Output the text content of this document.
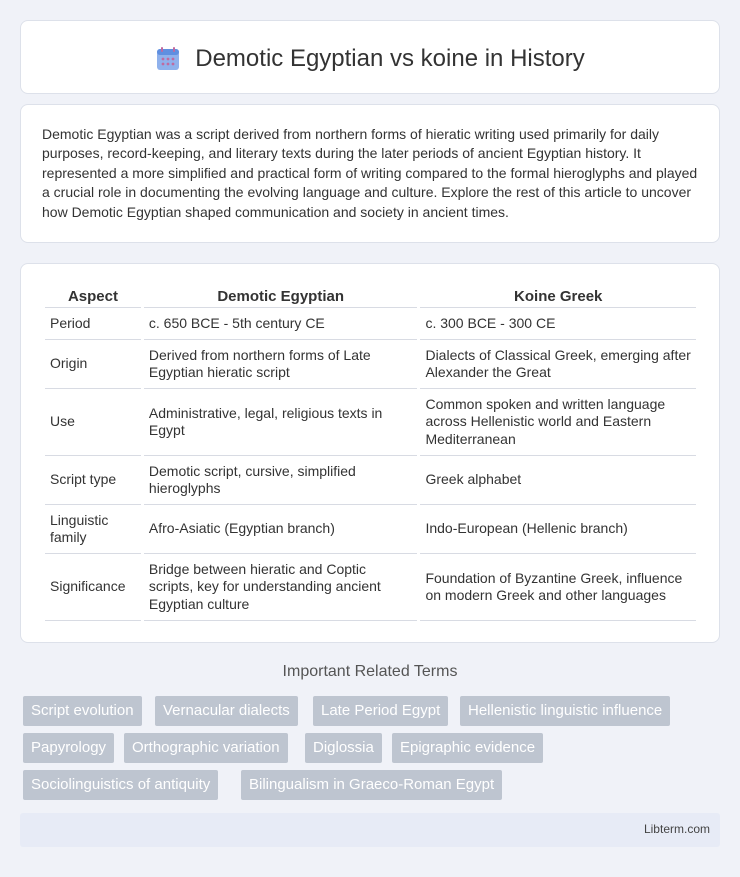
Demotic Egyptian vs koine in History

Demotic Egyptian was a script derived from northern forms of hieratic writing used primarily for daily purposes, record-keeping, and literary texts during the later periods of ancient Egyptian history. It represented a more simplified and practical form of writing compared to the formal hieroglyphs and played a crucial role in documenting the evolving language and culture. Explore the rest of this article to uncover how Demotic Egyptian shaped communication and society in ancient times.

Aspect	Demotic Egyptian	Koine Greek
Period	c. 650 BCE - 5th century CE	c. 300 BCE - 300 CE
Origin	Derived from northern forms of Late Egyptian hieratic script	Dialects of Classical Greek, emerging after Alexander the Great
Use	Administrative, legal, religious texts in Egypt	Common spoken and written language across Hellenistic world and Eastern Mediterranean
Script type	Demotic script, cursive, simplified hieroglyphs	Greek alphabet
Linguistic family	Afro-Asiatic (Egyptian branch)	Indo-European (Hellenic branch)
Significance	Bridge between hieratic and Coptic scripts, key for understanding ancient Egyptian culture	Foundation of Byzantine Greek, influence on modern Greek and other languages
Important Related Terms
Script evolution	Vernacular dialects	Late Period Egypt	Hellenistic linguistic influence
Papyrology	Orthographic variation	Diglossia	Epigraphic evidence
Sociolinguistics of antiquity	Bilingualism in Graeco-Roman Egypt
Libterm.com
